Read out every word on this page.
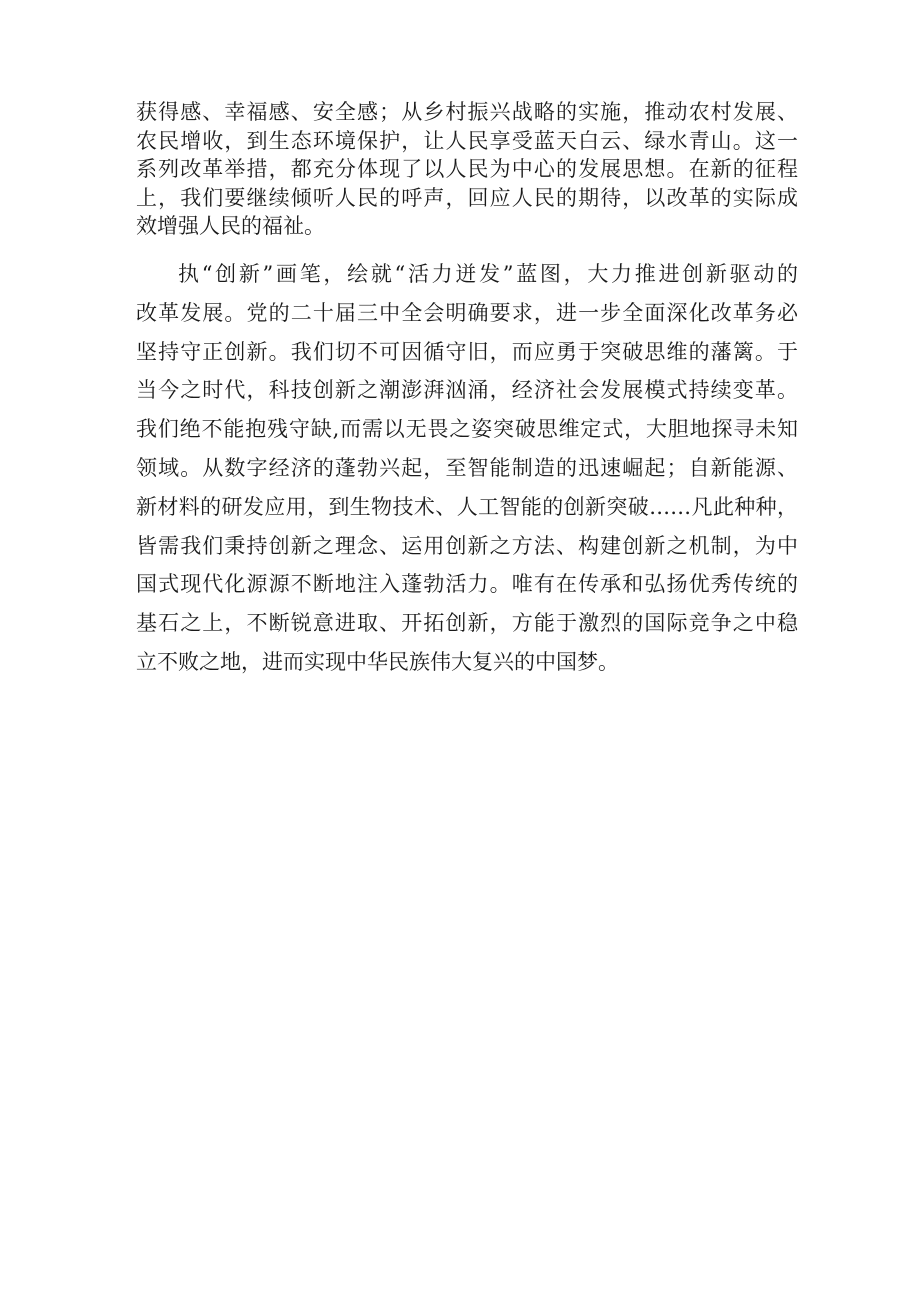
获得感、幸福感、安全感；从乡村振兴战略的实施，推动农村发展、
农民增收，到生态环境保护，让人民享受蓝天白云、绿水青山。这一
系列改革举措，都充分体现了以人民为中心的发展思想。在新的征程
上，我们要继续倾听人民的呼声，回应人民的期待，以改革的实际成
效增强人民的福祉。
执“创新”画笔，绘就“活力迸发”蓝图，大力推进创新驱动的
改革发展。党的二十届三中全会明确要求，进一步全面深化改革务必
坚持守正创新。我们切不可因循守旧，而应勇于突破思维的藩篱。于
当今之时代，科技创新之潮澎湃汹涌，经济社会发展模式持续变革。
我们绝不能抱残守缺,而需以无畏之姿突破思维定式，大胆地探寻未知
领域。从数字经济的蓬勃兴起，至智能制造的迅速崛起；自新能源、
新材料的研发应用，到生物技术、人工智能的创新突破……凡此种种，
皆需我们秉持创新之理念、运用创新之方法、构建创新之机制，为中
国式现代化源源不断地注入蓬勃活力。唯有在传承和弘扬优秀传统的
基石之上，不断锐意进取、开拓创新，方能于激烈的国际竞争之中稳
立不败之地，进而实现中华民族伟大复兴的中国梦。
